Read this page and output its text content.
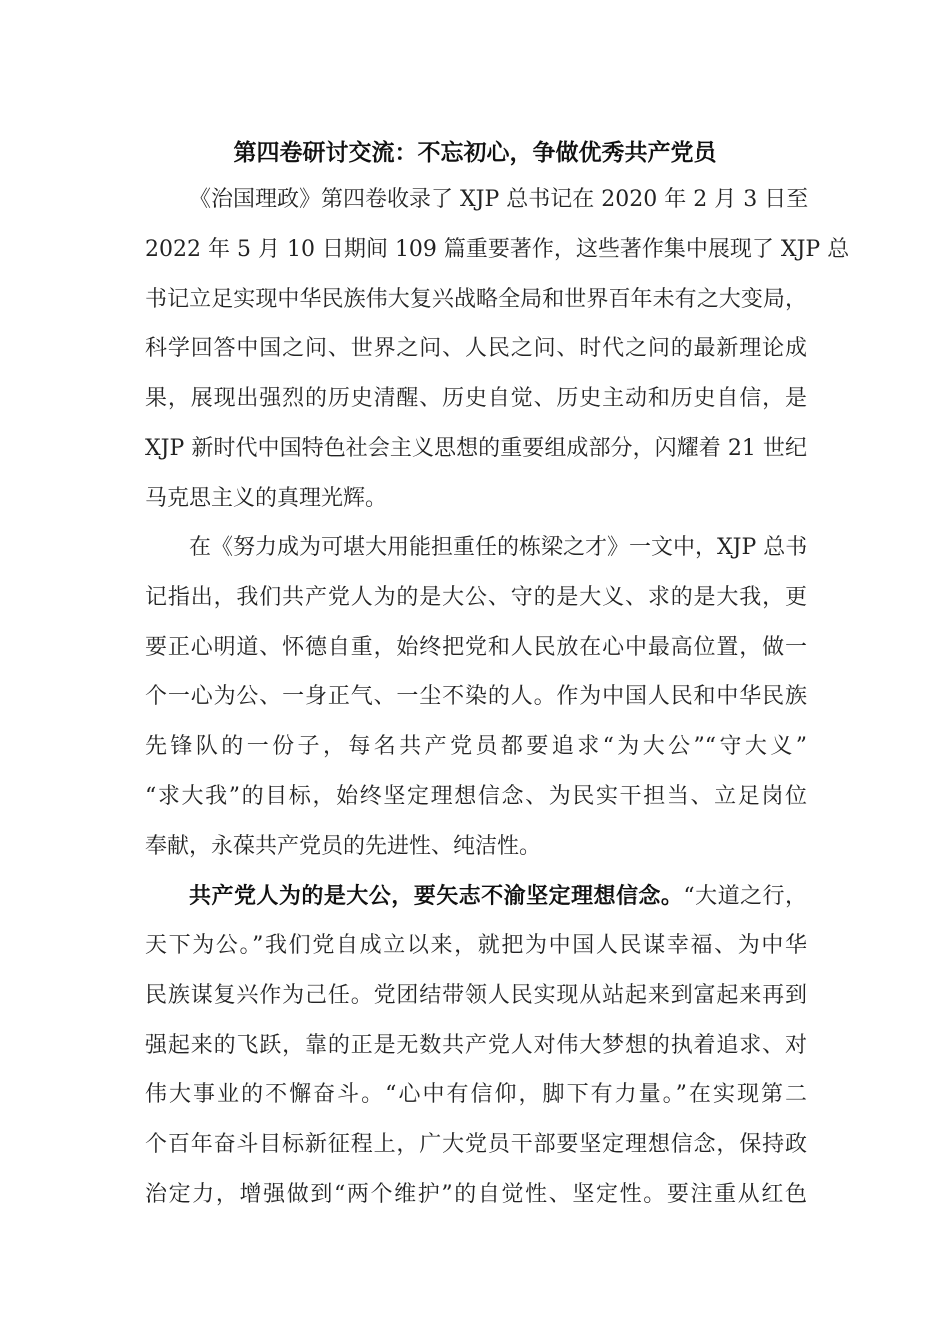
第四卷研讨交流：不忘初心，争做优秀共产党员
《治国理政》第四卷收录了 XJP 总书记在 2020 年 2 月 3 日至
2022 年 5 月 10 日期间 109 篇重要著作，这些著作集中展现了 XJP 总
书记立足实现中华民族伟大复兴战略全局和世界百年未有之大变局，
科学回答中国之问、世界之问、人民之问、时代之问的最新理论成
果，展现出强烈的历史清醒、历史自觉、历史主动和历史自信，是
XJP 新时代中国特色社会主义思想的重要组成部分，闪耀着 21 世纪
马克思主义的真理光辉。
在《努力成为可堪大用能担重任的栋梁之才》一文中，XJP 总书
记指出，我们共产党人为的是大公、守的是大义、求的是大我，更
要正心明道、怀德自重，始终把党和人民放在心中最高位置，做一
个一心为公、一身正气、一尘不染的人。作为中国人民和中华民族
先锋队的一份子，每名共产党员都要追求“为大公”“守大义”
“求大我”的目标，始终坚定理想信念、为民实干担当、立足岗位
奉献，永葆共产党员的先进性、纯洁性。
共产党人为的是大公，要矢志不渝坚定理想信念。“大道之行，
天下为公。”我们党自成立以来，就把为中国人民谋幸福、为中华
民族谋复兴作为己任。党团结带领人民实现从站起来到富起来再到
强起来的飞跃，靠的正是无数共产党人对伟大梦想的执着追求、对
伟大事业的不懈奋斗。“心中有信仰，脚下有力量。”在实现第二
个百年奋斗目标新征程上，广大党员干部要坚定理想信念，保持政
治定力，增强做到“两个维护”的自觉性、坚定性。要注重从红色
